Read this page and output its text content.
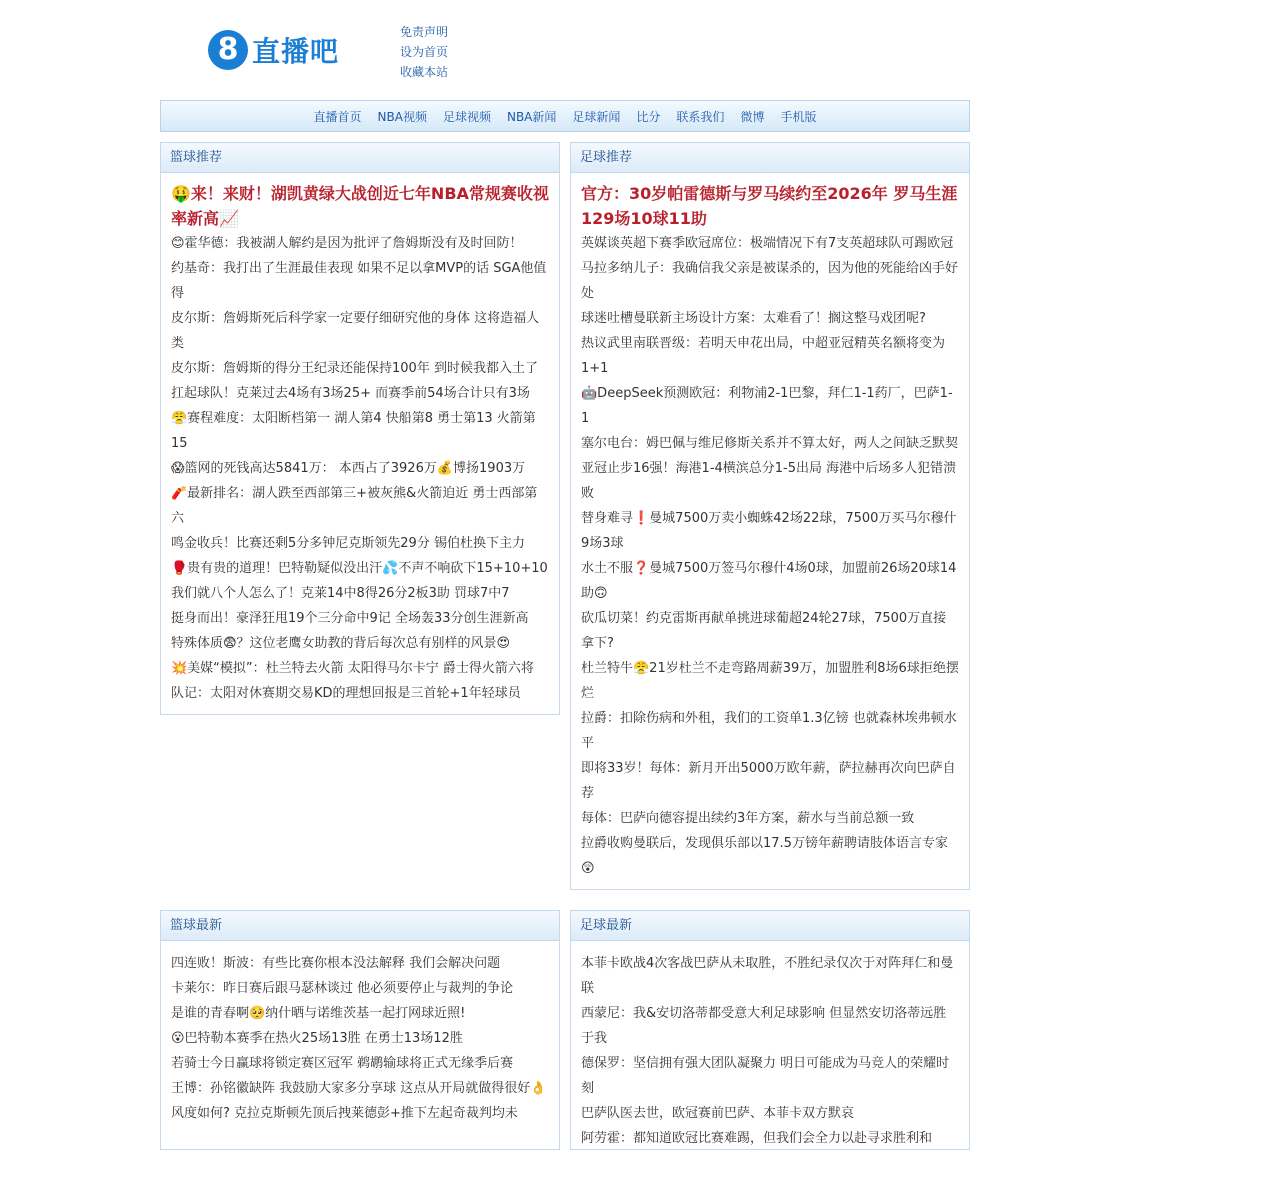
8 直播吧
免责声明
设为首页
收藏本站
直播首页 NBA视频 足球视频 NBA新闻 足球新闻 比分 联系我们 微博 手机版
篮球推荐
🤑来！来财！湖凯黄绿大战创近七年NBA常规赛收视率新高📈
😊霍华德：我被湖人解约是因为批评了詹姆斯没有及时回防！
约基奇：我打出了生涯最佳表现 如果不足以拿MVP的话 SGA他值得
皮尔斯：詹姆斯死后科学家一定要仔细研究他的身体 这将造福人类
皮尔斯：詹姆斯的得分王纪录还能保持100年 到时候我都入土了
扛起球队！克莱过去4场有3场25+ 而赛季前54场合计只有3场
😤赛程难度：太阳断档第一 湖人第4 快船第8 勇士第13 火箭第15
😱篮网的死钱高达5841万： 本西占了3926万💰博扬1903万
🧨最新排名：湖人跌至西部第三+被灰熊&火箭迫近 勇士西部第六
鸣金收兵！比赛还剩5分多钟尼克斯领先29分 锡伯杜换下主力
🥊贵有贵的道理！巴特勒疑似没出汗💦不声不响砍下15+10+10
我们就八个人怎么了！克莱14中8得26分2板3助 罚球7中7
挺身而出！豪泽狂甩19个三分命中9记 全场轰33分创生涯新高
特殊体质😨？这位老鹰女助教的背后每次总有别样的风景😍
💥美媒“模拟”：杜兰特去火箭 太阳得马尔卡宁 爵士得火箭六将
队记：太阳对休赛期交易KD的理想回报是三首轮+1年轻球员
足球推荐
官方：30岁帕雷德斯与罗马续约至2026年 罗马生涯129场10球11助
英媒谈英超下赛季欧冠席位：极端情况下有7支英超球队可踢欧冠
马拉多纳儿子：我确信我父亲是被谋杀的，因为他的死能给凶手好处
球迷吐槽曼联新主场设计方案：太难看了！搁这整马戏团呢?
热议武里南联晋级：若明天申花出局，中超亚冠精英名额将变为1+1
🤖DeepSeek预测欧冠：利物浦2-1巴黎，拜仁1-1药厂，巴萨1-1
塞尔电台：姆巴佩与维尼修斯关系并不算太好，两人之间缺乏默契
亚冠止步16强！海港1-4横滨总分1-5出局 海港中后场多人犯错溃败
替身难寻❗曼城7500万卖小蜘蛛42场22球，7500万买马尔穆什9场3球
水土不服❓曼城7500万签马尔穆什4场0球，加盟前26场20球14助🙃
砍瓜切菜！约克雷斯再献单挑进球葡超24轮27球，7500万直接拿下?
杜兰特牛😤21岁杜兰不走弯路周薪39万，加盟胜利8场6球拒绝摆烂
拉爵：扣除伤病和外租，我们的工资单1.3亿镑 也就森林埃弗顿水平
即将33岁！每体：新月开出5000万欧年薪，萨拉赫再次向巴萨自荐
每体：巴萨向德容提出续约3年方案，薪水与当前总额一致
拉爵收购曼联后，发现俱乐部以17.5万镑年薪聘请肢体语言专家😲
篮球最新
四连败！斯波：有些比赛你根本没法解释 我们会解决问题
卡莱尔：昨日赛后跟马瑟林谈过 他必须要停止与裁判的争论
是谁的青春啊🥺纳什晒与诺维茨基一起打网球近照!
😮巴特勒本赛季在热火25场13胜 在勇士13场12胜
若骑士今日赢球将锁定赛区冠军 鹈鹕输球将正式无缘季后赛
王博：孙铭徽缺阵 我鼓励大家多分享球 这点从开局就做得很好👌
风度如何? 克拉克斯顿先顶后拽莱德彭+推下左起奇裁判均未
足球最新
本菲卡欧战4次客战巴萨从未取胜，不胜纪录仅次于对阵拜仁和曼联
西蒙尼：我&安切洛蒂都受意大利足球影响 但显然安切洛蒂远胜于我
德保罗：坚信拥有强大团队凝聚力 明日可能成为马竞人的荣耀时刻
巴萨队医去世，欧冠赛前巴萨、本菲卡双方默哀
阿劳霍：都知道欧冠比赛难踢，但我们会全力以赴寻求胜利和
